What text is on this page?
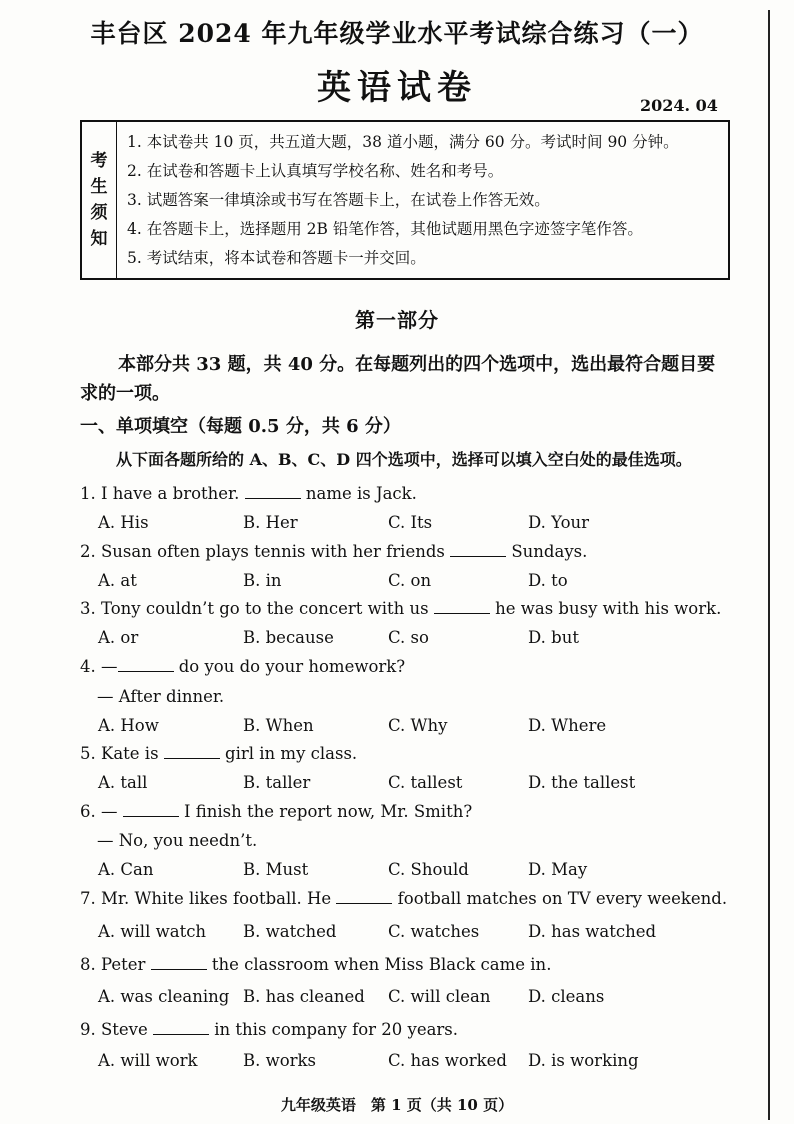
丰台区 2024 年九年级学业水平考试综合练习（一）
英语试卷	2024. 04
考
生
须
知
1. 本试卷共 10 页，共五道大题，38 道小题，满分 60 分。考试时间 90 分钟。
2. 在试卷和答题卡上认真填写学校名称、姓名和考号。
3. 试题答案一律填涂或书写在答题卡上，在试卷上作答无效。
4. 在答题卡上，选择题用 2B 铅笔作答，其他试题用黑色字迹签字笔作答。
5. 考试结束，将本试卷和答题卡一并交回。
第一部分
本部分共 33 题，共 40 分。在每题列出的四个选项中，选出最符合题目要求的一项。
一、单项填空（每题 0.5 分，共 6 分）
从下面各题所给的 A、B、C、D 四个选项中，选择可以填入空白处的最佳选项。
1. I have a brother.	name is Jack.
A. His	B. Her	C. Its	D. Your
2. Susan often plays tennis with her friends	Sundays.
A. at	B. in	C. on	D. to
3. Tony couldn’t go to the concert with us	he was busy with his work.
A. or	B. because	C. so	D. but
4. —	do you do your homework?
— After dinner.
A. How	B. When	C. Why	D. Where
5. Kate is	girl in my class.
A. tall	B. taller	C. tallest	D. the tallest
6. —	I finish the report now, Mr. Smith?
— No, you needn’t.
A. Can	B. Must	C. Should	D. May
7. Mr. White likes football. He	football matches on TV every weekend.
A. will watch B. watched	C. watches	D. has watched
8. Peter	the classroom when Miss Black came in.
A. was cleaning B. has cleaned C. will clean D. cleans
9. Steve	in this company for 20 years.
A. will work	B. works	C. has worked D. is working
九年级英语　第 1 页（共 10 页）
